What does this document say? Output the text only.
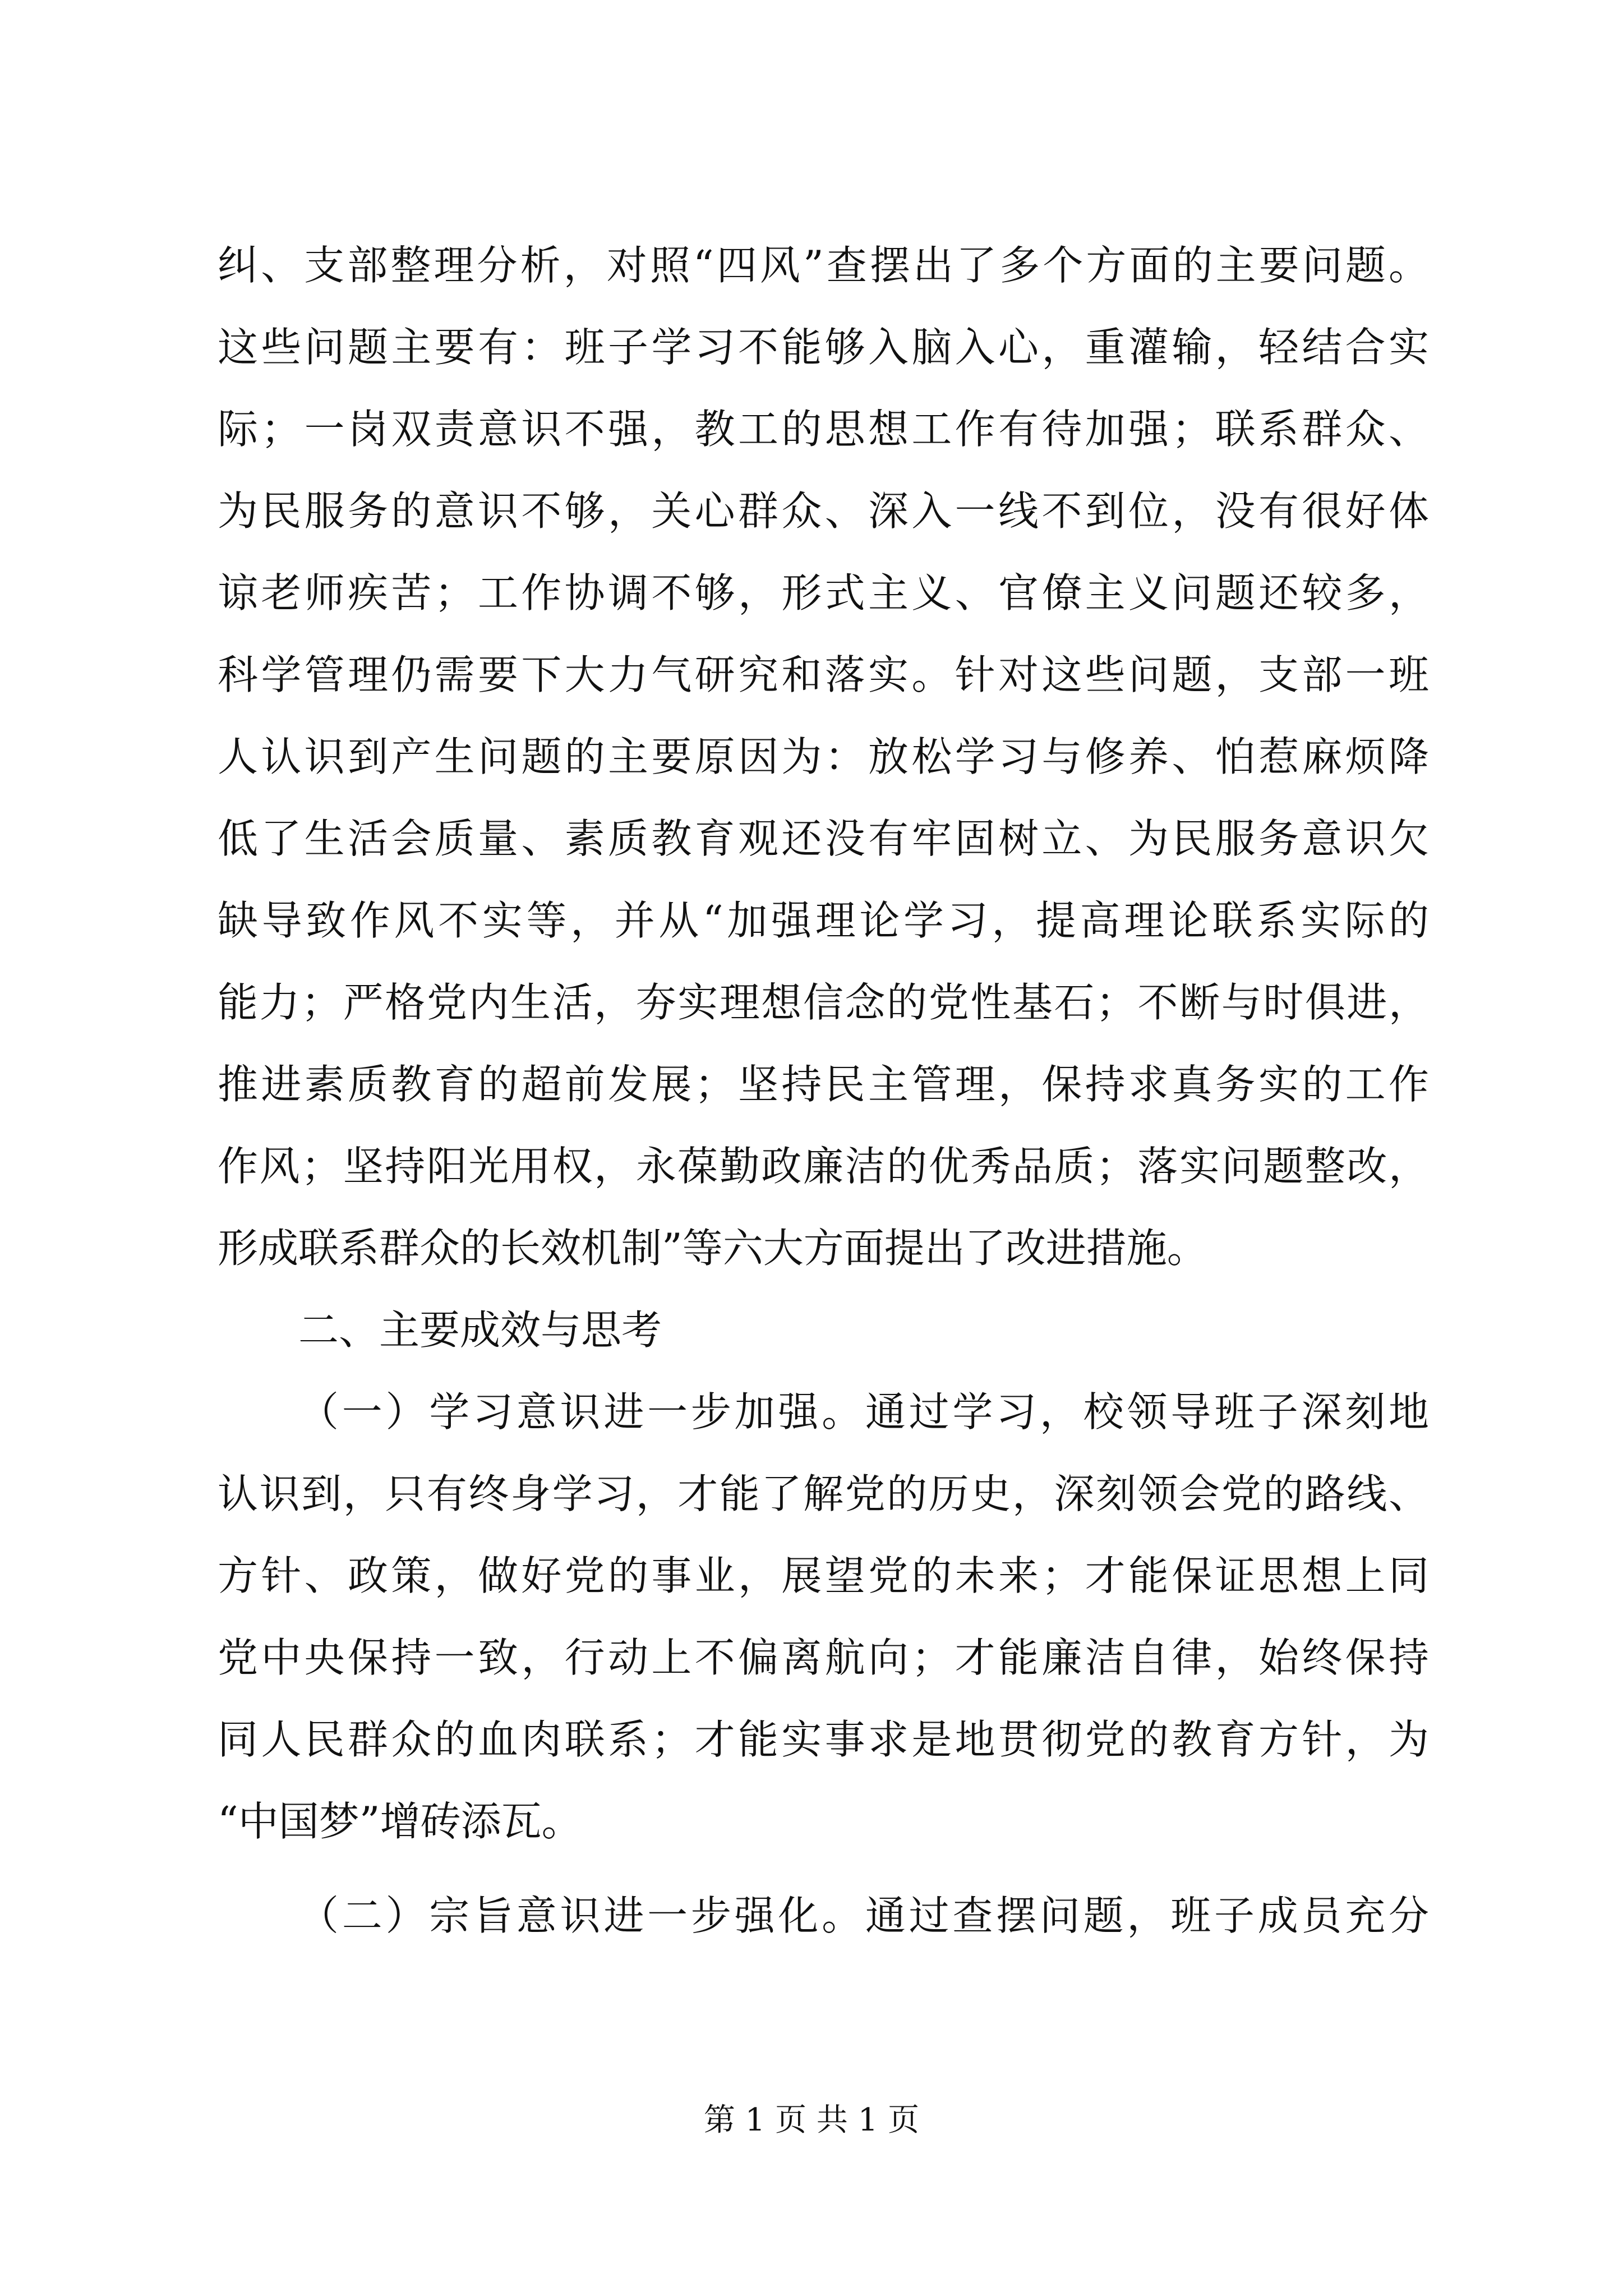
纠、支部整理分析，对照“四风”查摆出了多个方面的主要问题。
这些问题主要有：班子学习不能够入脑入心，重灌输，轻结合实
际；一岗双责意识不强，教工的思想工作有待加强；联系群众、
为民服务的意识不够，关心群众、深入一线不到位，没有很好体
谅老师疾苦；工作协调不够，形式主义、官僚主义问题还较多，
科学管理仍需要下大力气研究和落实。针对这些问题，支部一班
人认识到产生问题的主要原因为：放松学习与修养、怕惹麻烦降
低了生活会质量、素质教育观还没有牢固树立、为民服务意识欠
缺导致作风不实等，并从“加强理论学习，提高理论联系实际的
能力；严格党内生活，夯实理想信念的党性基石；不断与时俱进，
推进素质教育的超前发展；坚持民主管理，保持求真务实的工作
作风；坚持阳光用权，永葆勤政廉洁的优秀品质；落实问题整改，
形成联系群众的长效机制”等六大方面提出了改进措施。
二、主要成效与思考
（一）学习意识进一步加强。通过学习，校领导班子深刻地
认识到，只有终身学习，才能了解党的历史，深刻领会党的路线、
方针、政策，做好党的事业，展望党的未来；才能保证思想上同
党中央保持一致，行动上不偏离航向；才能廉洁自律，始终保持
同人民群众的血肉联系；才能实事求是地贯彻党的教育方针，为
“中国梦”增砖添瓦。
（二）宗旨意识进一步强化。通过查摆问题，班子成员充分
第 1 页 共 1 页
